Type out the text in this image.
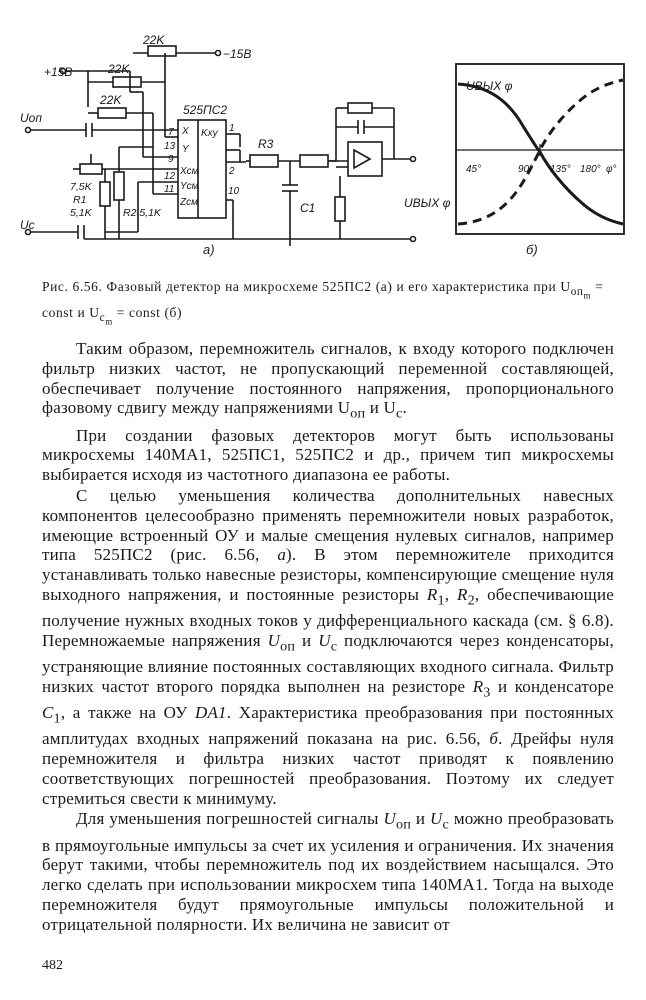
22K
−15B
+15B	22K
22K
525ПС2
Uоп
Uc
7,5K
R1
5,1K	R2 5,1K
R3
C1	UВЫХ φ
7
13
9
12
11
1
2
10
X
Y
Xсм
Yсм
Zсм
Kxy
а)
UВЫХ φ
45°	90° 135° 180° φ°
б)
Рис. 6.56. Фазовый детектор на микросхеме 525ПС2 (а) и его характеристика при $U_{оп_m}$ = const и $U_{c_m}$ = const (б)

Таким образом, перемножитель сигналов, к входу которого подключен фильтр низких частот, не пропускающий переменной составляющей, обеспечивает получение постоянного напряжения, пропорционального фазовому сдвигу между напряжениями $U_{оп}$ и $U_с$.

При создании фазовых детекторов могут быть использованы микросхемы 140МА1, 525ПС1, 525ПС2 и др., причем тип микросхемы выбирается исходя из частотного диапазона ее работы.

С целью уменьшения количества дополнительных навесных компонентов целесообразно применять перемножители новых разработок, имеющие встроенный ОУ и малые смещения нулевых сигналов, например типа 525ПС2 (рис. 6.56, а). В этом перемножителе приходится устанавливать только навесные резисторы, компенсирующие смещение нуля выходного напряжения, и постоянные резисторы $R_1$, $R_2$, обеспечивающие получение нужных входных токов у дифференциального каскада (см. § 6.8). Перемножаемые напряжения $U_{оп}$ и $U_с$ подключаются через конденсаторы, устраняющие влияние постоянных составляющих входного сигнала. Фильтр низких частот второго порядка выполнен на резисторе $R_3$ и конденсаторе $C_1$, а также на ОУ DA1. Характеристика преобразования при постоянных амплитудах входных напряжений показана на рис. 6.56, б. Дрейфы нуля перемножителя и фильтра низких частот приводят к появлению соответствующих погрешностей преобразования. Поэтому их следует стремиться свести к минимуму.

Для уменьшения погрешностей сигналы $U_{оп}$ и $U_с$ можно преобразовать в прямоугольные импульсы за счет их усиления и ограничения. Их значения берут такими, чтобы перемножитель под их воздействием насыщался. Это легко сделать при использовании микросхем типа 140МА1. Тогда на выходе перемножителя будут прямоугольные импульсы положительной и отрицательной полярности. Их величина не зависит от

482
